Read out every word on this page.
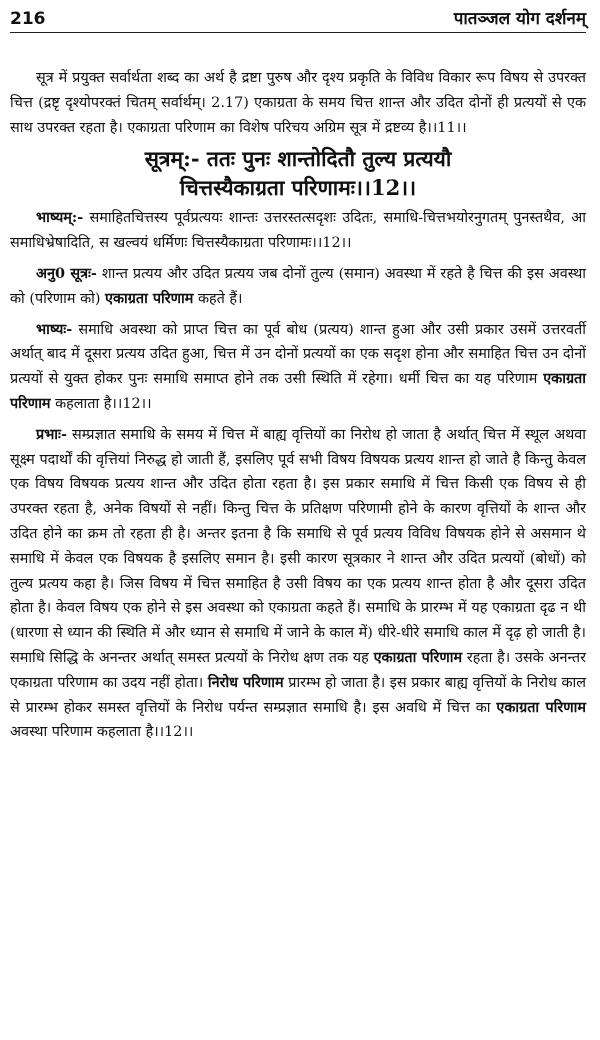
216	पातञ्जल योग दर्शनम्

सूत्र में प्रयुक्त सर्वार्थता शब्द का अर्थ है द्रष्टा पुरुष और दृश्य प्रकृति के विविध विकार रूप विषय से उपरक्त चित्त (द्रष्टृ दृश्योपरक्तं चितम् सर्वार्थम्। 2.17) एकाग्रता के समय चित्त शान्त और उदित दोनों ही प्रत्ययों से एक साथ उपरक्त रहता है। एकाग्रता परिणाम का विशेष परिचय अग्रिम सूत्र में द्रष्टव्य है।।11।।

सूत्रम्:- ततः पुनः शान्तोदितौ तुल्य प्रत्ययौ
चित्तस्यैकाग्रता परिणामः।।12।।

भाष्यम्:- समाहितचित्तस्य पूर्वप्रत्ययः शान्तः उत्तरस्तत्सदृशः उदितः, समाधि-चित्तभयोरनुगतम् पुनस्तथैव, आ समाधिभ्रेषादिति, स खल्वयं धर्मिणः चित्तस्यैकाग्रता परिणामः।।12।।

अनु0 सूत्रः- शान्त प्रत्यय और उदित प्रत्यय जब दोनों तुल्य (समान) अवस्था में रहते है चित्त की इस अवस्था को (परिणाम को) एकाग्रता परिणाम कहते हैं।

भाष्यः- समाधि अवस्था को प्राप्त चित्त का पूर्व बोध (प्रत्यय) शान्त हुआ और उसी प्रकार उसमें उत्तरवर्ती अर्थात् बाद में दूसरा प्रत्यय उदित हुआ, चित्त में उन दोनों प्रत्ययों का एक सदृश होना और समाहित चित्त उन दोनों प्रत्ययों से युक्त होकर पुनः समाधि समाप्त होने तक उसी स्थिति में रहेगा। धर्मी चित्त का यह परिणाम एकाग्रता परिणाम कहलाता है।।12।।

प्रभाः- सम्प्रज्ञात समाधि के समय में चित्त में बाह्य वृत्तियों का निरोध हो जाता है अर्थात् चित्त में स्थूल अथवा सूक्ष्म पदार्थों की वृत्तियां निरुद्ध हो जाती हैं, इसलिए पूर्व सभी विषय विषयक प्रत्यय शान्त हो जाते है किन्तु केवल एक विषय विषयक प्रत्यय शान्त और उदित होता रहता है। इस प्रकार समाधि में चित्त किसी एक विषय से ही उपरक्त रहता है, अनेक विषयों से नहीं। किन्तु चित्त के प्रतिक्षण परिणामी होने के कारण वृत्तियों के शान्त और उदित होने का क्रम तो रहता ही है। अन्तर इतना है कि समाधि से पूर्व प्रत्यय विविध विषयक होने से असमान थे समाधि में केवल एक विषयक है इसलिए समान है। इसी कारण सूत्रकार ने शान्त और उदित प्रत्ययों (बोधों) को तुल्य प्रत्यय कहा है। जिस विषय में चित्त समाहित है उसी विषय का एक प्रत्यय शान्त होता है और दूसरा उदित होता है। केवल विषय एक होने से इस अवस्था को एकाग्रता कहते हैं। समाधि के प्रारम्भ में यह एकाग्रता दृढ न थी (धारणा से ध्यान की स्थिति में और ध्यान से समाधि में जाने के काल में) धीरे-धीरे समाधि काल में दृढ़ हो जाती है। समाधि सिद्धि के अनन्तर अर्थात् समस्त प्रत्ययों के निरोध क्षण तक यह एकाग्रता परिणाम रहता है। उसके अनन्तर एकाग्रता परिणाम का उदय नहीं होता। निरोध परिणाम प्रारम्भ हो जाता है। इस प्रकार बाह्य वृत्तियों के निरोध काल से प्रारम्भ होकर समस्त वृत्तियों के निरोध पर्यन्त सम्प्रज्ञात समाधि है। इस अवधि में चित्त का एकाग्रता परिणाम अवस्था परिणाम कहलाता है।।12।।
